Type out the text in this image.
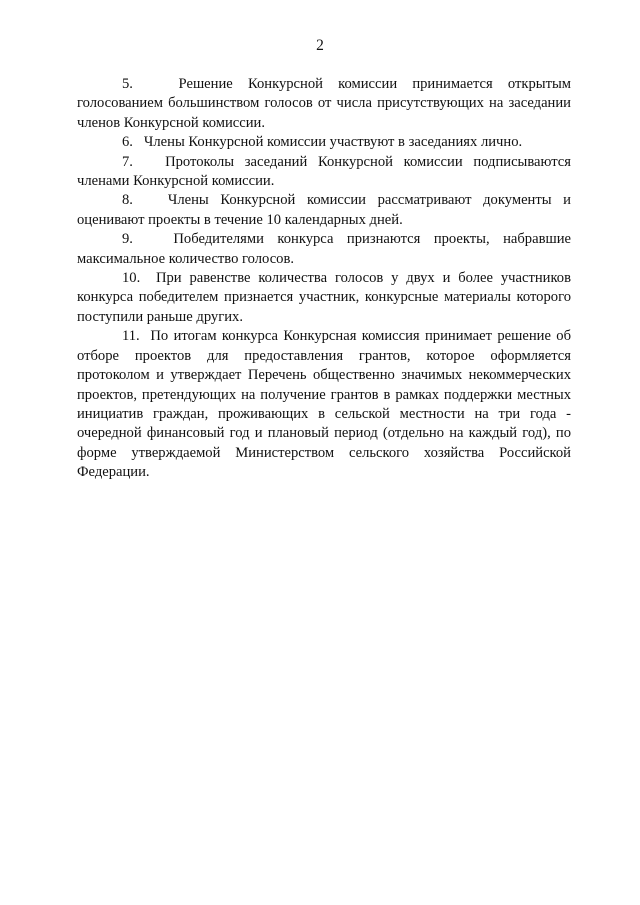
2

5.   Решение Конкурсной комиссии принимается открытым голосованием большинством голосов от числа присутствующих на заседании членов Конкурсной комиссии.

6.   Члены Конкурсной комиссии участвуют в заседаниях лично.

7.   Протоколы заседаний Конкурсной комиссии подписываются членами Конкурсной комиссии.

8.   Члены Конкурсной комиссии рассматривают документы и оценивают проекты в течение 10 календарных дней.

9.   Победителями конкурса признаются проекты, набравшие максимальное количество голосов.

10.  При равенстве количества голосов у двух и более участников конкурса победителем признается участник, конкурсные материалы которого поступили раньше других.

11.  По итогам конкурса Конкурсная комиссия принимает решение об отборе проектов для предоставления грантов, которое оформляется протоколом и утверждает Перечень общественно значимых некоммерческих проектов, претендующих на получение грантов в рамках поддержки местных инициатив граждан, проживающих в сельской местности на три года - очередной финансовый год и плановый период (отдельно на каждый год), по форме утверждаемой Министерством сельского хозяйства Российской Федерации.
